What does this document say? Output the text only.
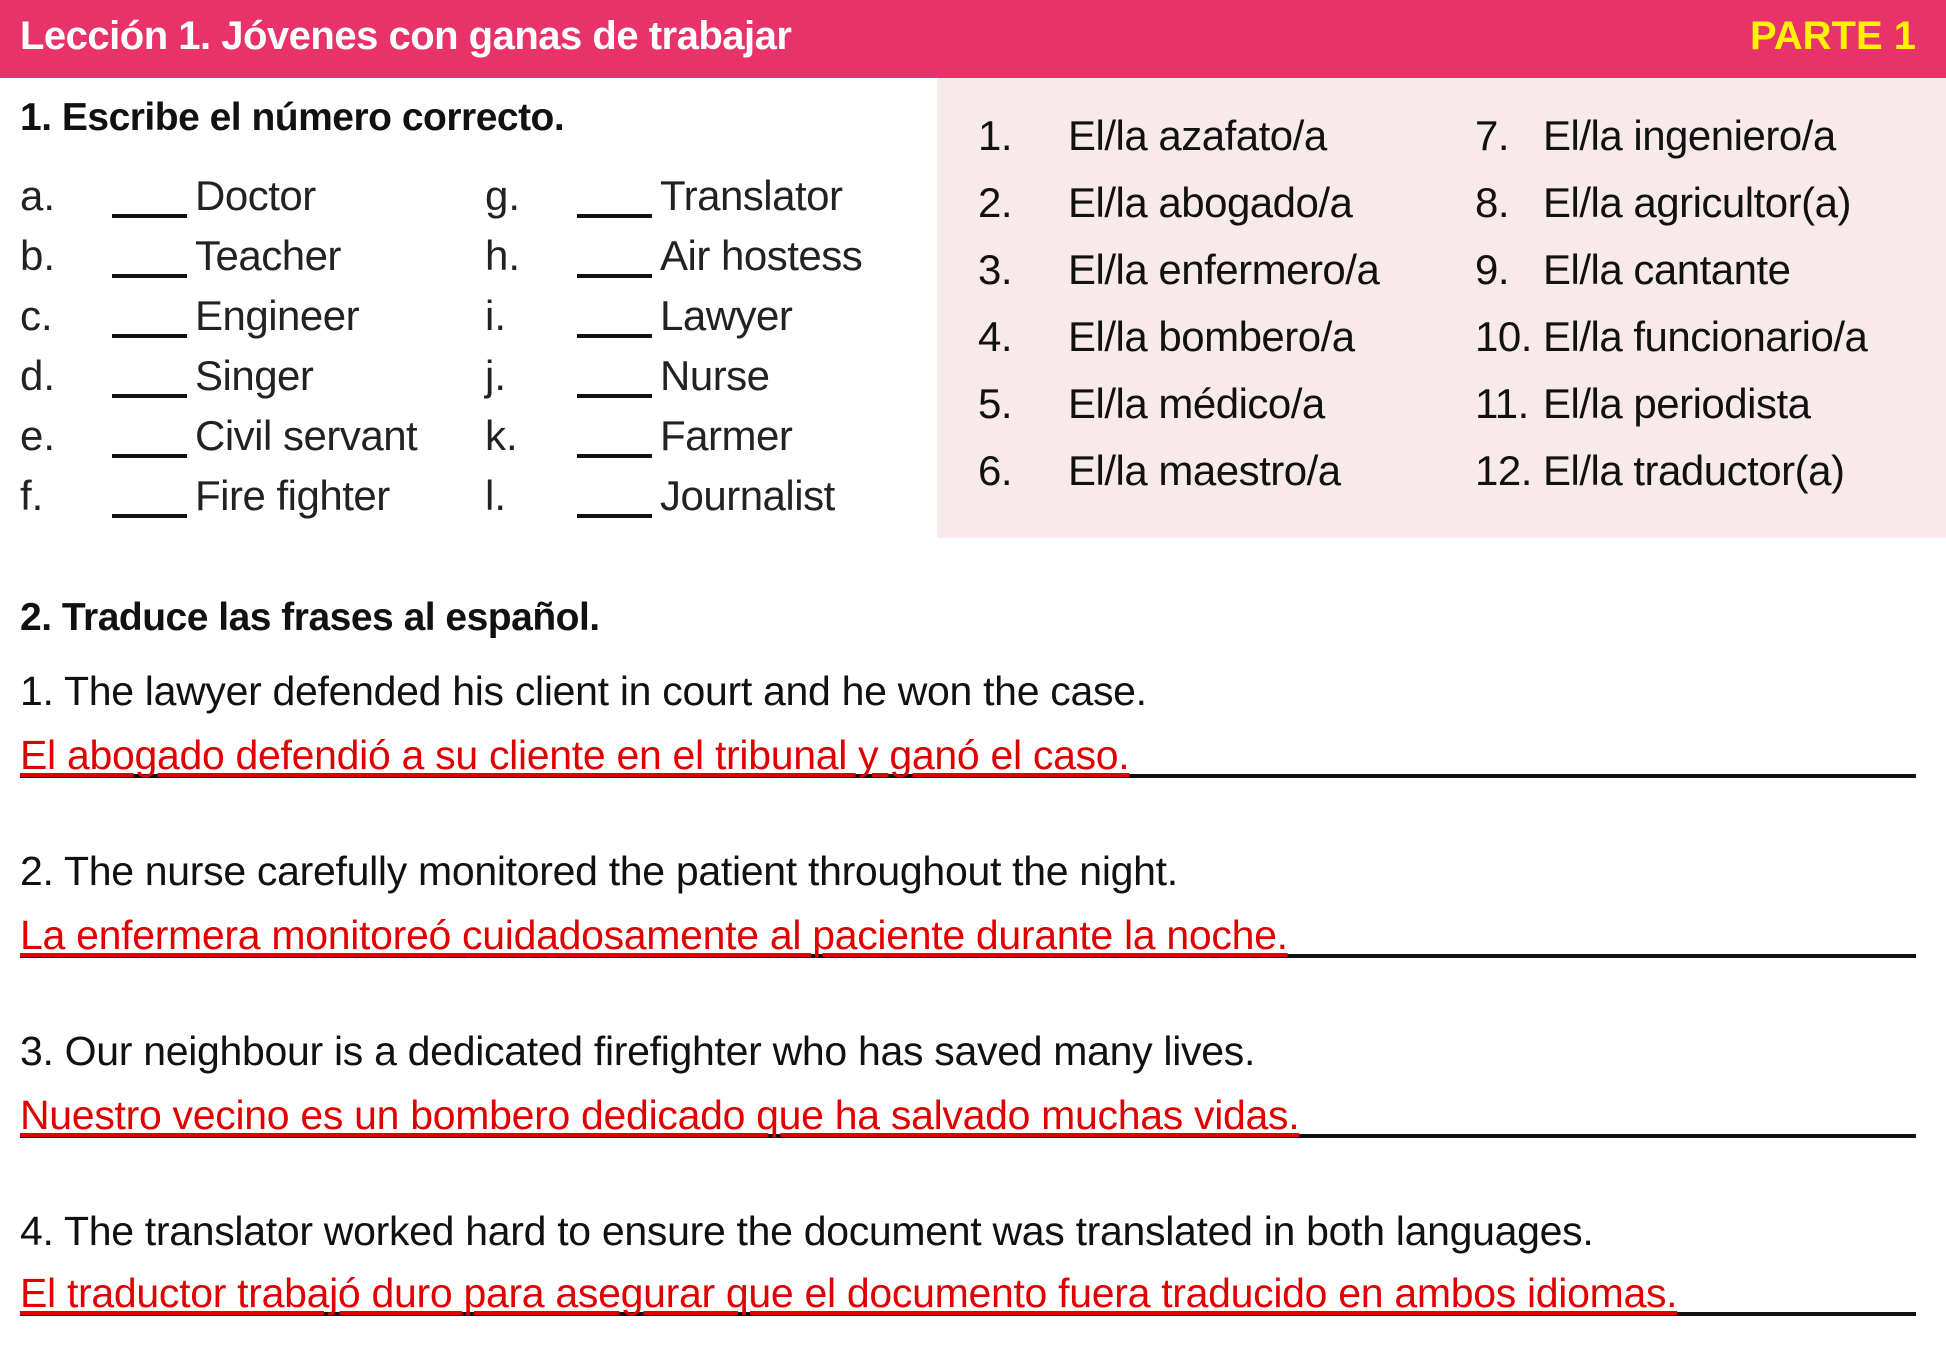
Lección 1. Jóvenes con ganas de trabajar	PARTE 1
1. Escribe el número correcto.
a.	Doctor
b.	Teacher
c.	Engineer
d.	Singer
e.	Civil servant
f.	Fire fighter
g.	Translator
h.	Air hostess
i.	Lawyer
j.	Nurse
k.	Farmer
l.	Journalist
1.	El/la azafato/a
2.	El/la abogado/a
3.	El/la enfermero/a
4.	El/la bombero/a
5.	El/la médico/a
6.	El/la maestro/a
7. El/la ingeniero/a
8. El/la agricultor(a)
9. El/la cantante
10. El/la funcionario/a
11. El/la periodista
12. El/la traductor(a)
2. Traduce las frases al español.
1. The lawyer defended his client in court and he won the case.
El abogado defendió a su cliente en el tribunal y ganó el caso.
2. The nurse carefully monitored the patient throughout the night.
La enfermera monitoreó cuidadosamente al paciente durante la noche.
3. Our neighbour is a dedicated firefighter who has saved many lives.
Nuestro vecino es un bombero dedicado que ha salvado muchas vidas.
4. The translator worked hard to ensure the document was translated in both languages.
El traductor trabajó duro para asegurar que el documento fuera traducido en ambos idiomas.
